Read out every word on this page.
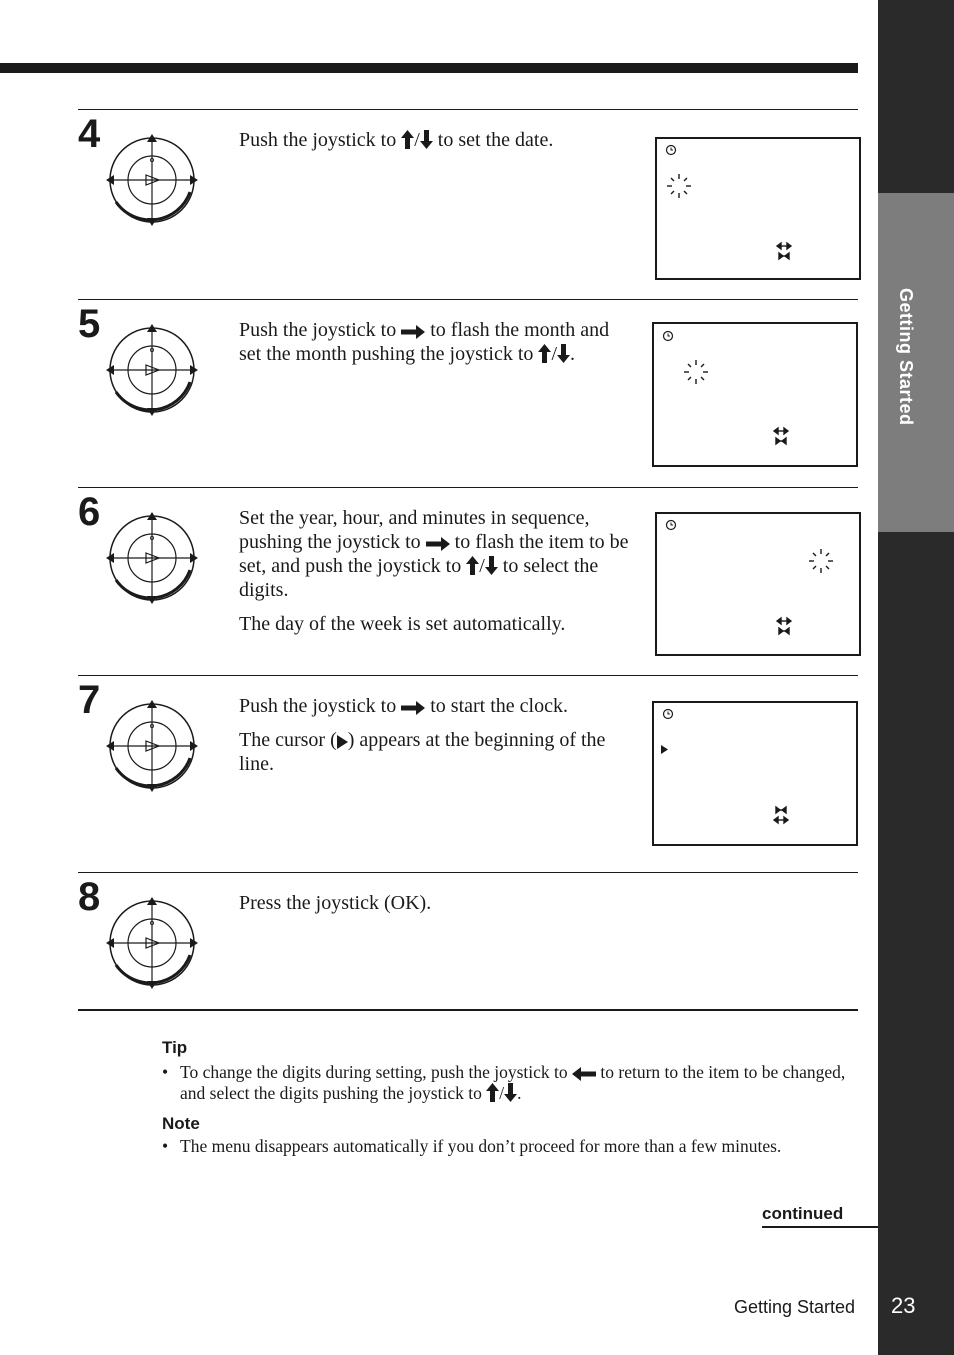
Getting Started
4	Push the joystick to / to set the date.

5	Push the joystick to  to flash the month and set the month pushing the joystick to / .

6	Set the year, hour, and minutes in sequence, pushing the joystick to  to flash the item to be set, and push the joystick to / to select the digits.

The day of the week is set automatically.

7	Push the joystick to  to start the clock.

The cursor ( ) appears at the beginning of the line.

8	Press the joystick (OK).

Tip
• To change the digits during setting, push the joystick to  to return to the item to be changed, and select the digits pushing the joystick to / .
Note
• The menu disappears automatically if you don’t proceed for more than a few minutes.
continued
Getting Started 23
